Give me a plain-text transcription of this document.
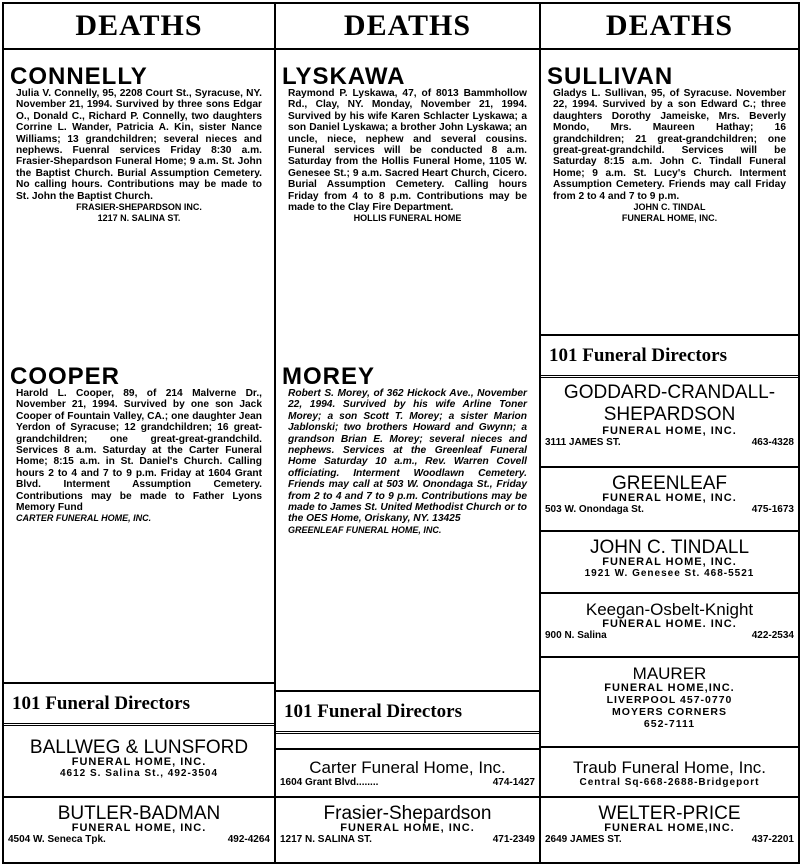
DEATHS
CONNELLY
Julia V. Connelly, 95, 2208 Court St., Syracuse, NY. November 21, 1994. Survived by three sons Edgar O., Donald C., Richard P. Connelly, two daughters Corrine L. Wander, Patricia A. Kin, sister Nance Williams; 13 grandchildren; several nieces and nephews. Fuenral services Friday 8:30 a.m. Frasier-Shepardson Funeral Home; 9 a.m. St. John the Baptist Church. Burial Assumption Cemetery. No calling hours. Contributions may be made to St. John the Baptist Church.
FRASIER-SHEPARDSON INC.
1217 N. SALINA ST.
COOPER
Harold L. Cooper, 89, of 214 Malverne Dr., November 21, 1994. Survived by one son Jack Cooper of Fountain Valley, CA.; one daughter Jean Yerdon of Syracuse; 12 grandchildren; 16 great-grandchildren; one great-great-grandchild. Services 8 a.m. Saturday at the Carter Funeral Home; 8:15 a.m. in St. Daniel's Church. Calling hours 2 to 4 and 7 to 9 p.m. Friday at 1604 Grant Blvd. Interment Assumption Cemetery. Contributions may be made to Father Lyons Memory Fund
CARTER FUNERAL HOME, INC.
101 Funeral Directors
BALLWEG & LUNSFORD
FUNERAL HOME, INC.
4612 S. Salina St., 492-3504
BUTLER-BADMAN
FUNERAL HOME, INC.
4504 W. Seneca Tpk.	492-4264
DEATHS
LYSKAWA
Raymond P. Lyskawa, 47, of 8013 Bammhollow Rd., Clay, NY. Monday, November 21, 1994. Survived by his wife Karen Schlacter Lyskawa; a son Daniel Lyskawa; a brother John Lyskawa; an uncle, niece, nephew and several cousins. Funeral services will be conducted 8 a.m. Saturday from the Hollis Funeral Home, 1105 W. Genesee St.; 9 a.m. Sacred Heart Church, Cicero. Burial Assumption Cemetery. Calling hours Friday from 4 to 8 p.m. Contributions may be made to the Clay Fire Department.
HOLLIS FUNERAL HOME
MOREY
Robert S. Morey, of 362 Hickock Ave., November 22, 1994. Survived by his wife Arline Toner Morey; a son Scott T. Morey; a sister Marion Jablonski; two brothers Howard and Gwynn; a grandson Brian E. Morey; several nieces and nephews. Services at the Greenleaf Funeral Home Saturday 10 a.m., Rev. Warren Covell officiating. Interment Woodlawn Cemetery. Friends may call at 503 W. Onondaga St., Friday from 2 to 4 and 7 to 9 p.m. Contributions may be made to James St. United Methodist Church or to the OES Home, Oriskany, NY. 13425
GREENLEAF FUNERAL HOME, INC.
101 Funeral Directors
Carter Funeral Home, Inc.
1604 Grant Blvd........	474-1427
Frasier-Shepardson
FUNERAL HOME, INC.
1217 N. SALINA ST.	471-2349
DEATHS
SULLIVAN
Gladys L. Sullivan, 95, of Syracuse. November 22, 1994. Survived by a son Edward C.; three daughters Dorothy Jameiske, Mrs. Beverly Mondo, Mrs. Maureen Hathay; 16 grandchildren; 21 great-grandchildren; one great-great-grandchild. Services will be Saturday 8:15 a.m. John C. Tindall Funeral Home; 9 a.m. St. Lucy's Church. Interment Assumption Cemetery. Friends may call Friday from 2 to 4 and 7 to 9 p.m.
JOHN C. TINDAL
FUNERAL HOME, INC.
101 Funeral Directors
GODDARD-CRANDALL-
SHEPARDSON
FUNERAL HOME, INC.
3111 JAMES ST.	463-4328
GREENLEAF
FUNERAL HOME, INC.
503 W. Onondaga St.	475-1673
JOHN C. TINDALL
FUNERAL HOME, INC.
1921 W. Genesee St. 468-5521
Keegan-Osbelt-Knight
FUNERAL HOME. INC.
900 N. Salina	422-2534
MAURER
FUNERAL HOME,INC.
LIVERPOOL 457-0770
MOYERS CORNERS
652-7111
Traub Funeral Home, Inc.
Central Sq-668-2688-Bridgeport
WELTER-PRICE
FUNERAL HOME,INC.
2649 JAMES ST.	437-2201
